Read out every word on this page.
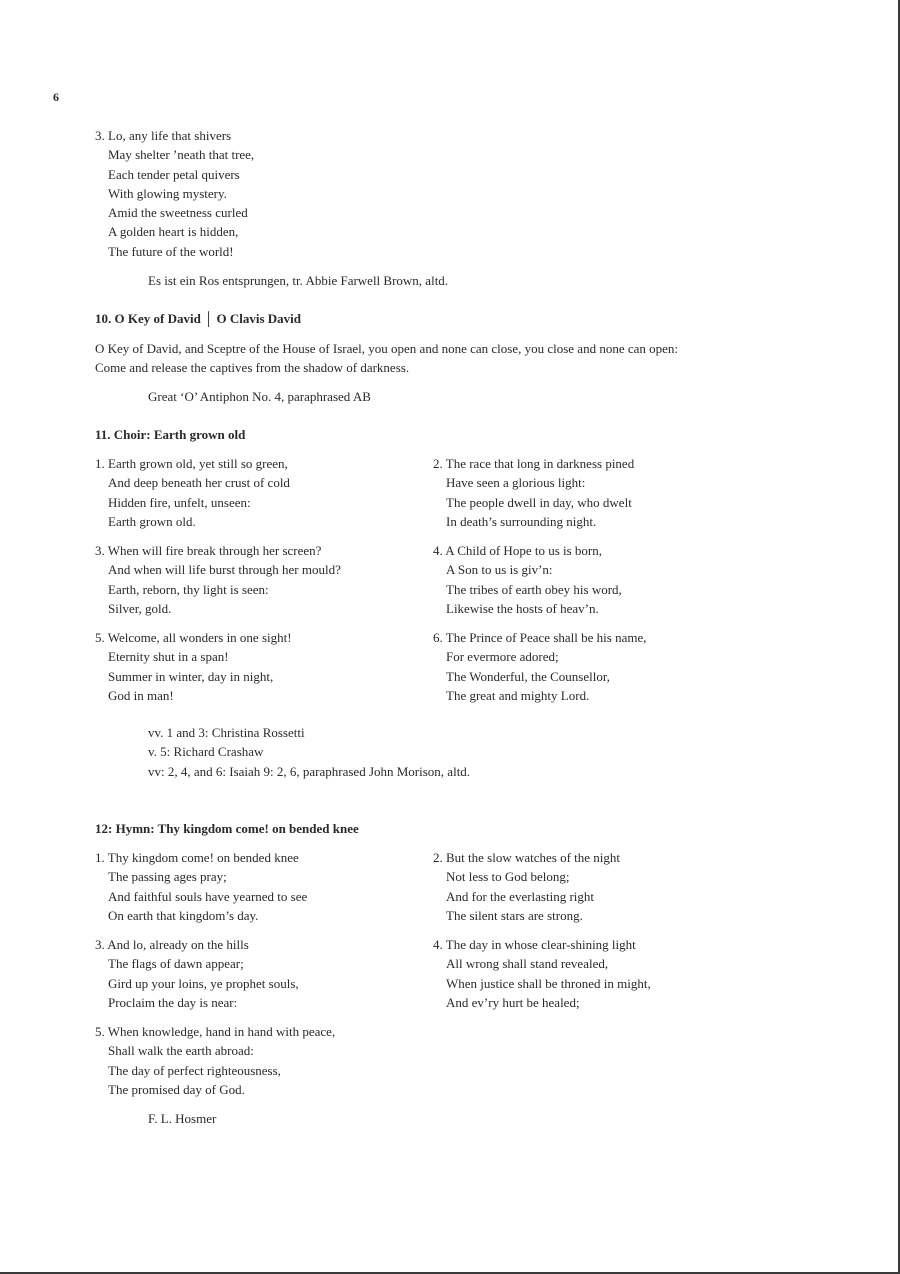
6
3. Lo, any life that shivers
May shelter ’neath that tree,
Each tender petal quivers
With glowing mystery.
Amid the sweetness curled
A golden heart is hidden,
The future of the world!
Es ist ein Ros entsprungen, tr. Abbie Farwell Brown, altd.
10. O Key of David │ O Clavis David
O Key of David, and Sceptre of the House of Israel, you open and none can close, you close and none can open:
Come and release the captives from the shadow of darkness.
Great ‘O’ Antiphon No. 4, paraphrased AB
11. Choir: Earth grown old
1. Earth grown old, yet still so green,
And deep beneath her crust of cold
Hidden fire, unfelt, unseen:
Earth grown old.
2. The race that long in darkness pined
Have seen a glorious light:
The people dwell in day, who dwelt
In death’s surrounding night.
3. When will fire break through her screen?
And when will life burst through her mould?
Earth, reborn, thy light is seen:
Silver, gold.
4. A Child of Hope to us is born,
A Son to us is giv’n:
The tribes of earth obey his word,
Likewise the hosts of heav’n.
5. Welcome, all wonders in one sight!
Eternity shut in a span!
Summer in winter, day in night,
God in man!
6. The Prince of Peace shall be his name,
For evermore adored;
The Wonderful, the Counsellor,
The great and mighty Lord.
vv. 1 and 3: Christina Rossetti
v. 5: Richard Crashaw
vv: 2, 4, and 6: Isaiah 9: 2, 6, paraphrased John Morison, altd.
12: Hymn: Thy kingdom come! on bended knee
1. Thy kingdom come! on bended knee
The passing ages pray;
And faithful souls have yearned to see
On earth that kingdom’s day.
2. But the slow watches of the night
Not less to God belong;
And for the everlasting right
The silent stars are strong.
3. And lo, already on the hills
The flags of dawn appear;
Gird up your loins, ye prophet souls,
Proclaim the day is near:
4. The day in whose clear-shining light
All wrong shall stand revealed,
When justice shall be throned in might,
And ev’ry hurt be healed;
5. When knowledge, hand in hand with peace,
Shall walk the earth abroad:
The day of perfect righteousness,
The promised day of God.
F. L. Hosmer
